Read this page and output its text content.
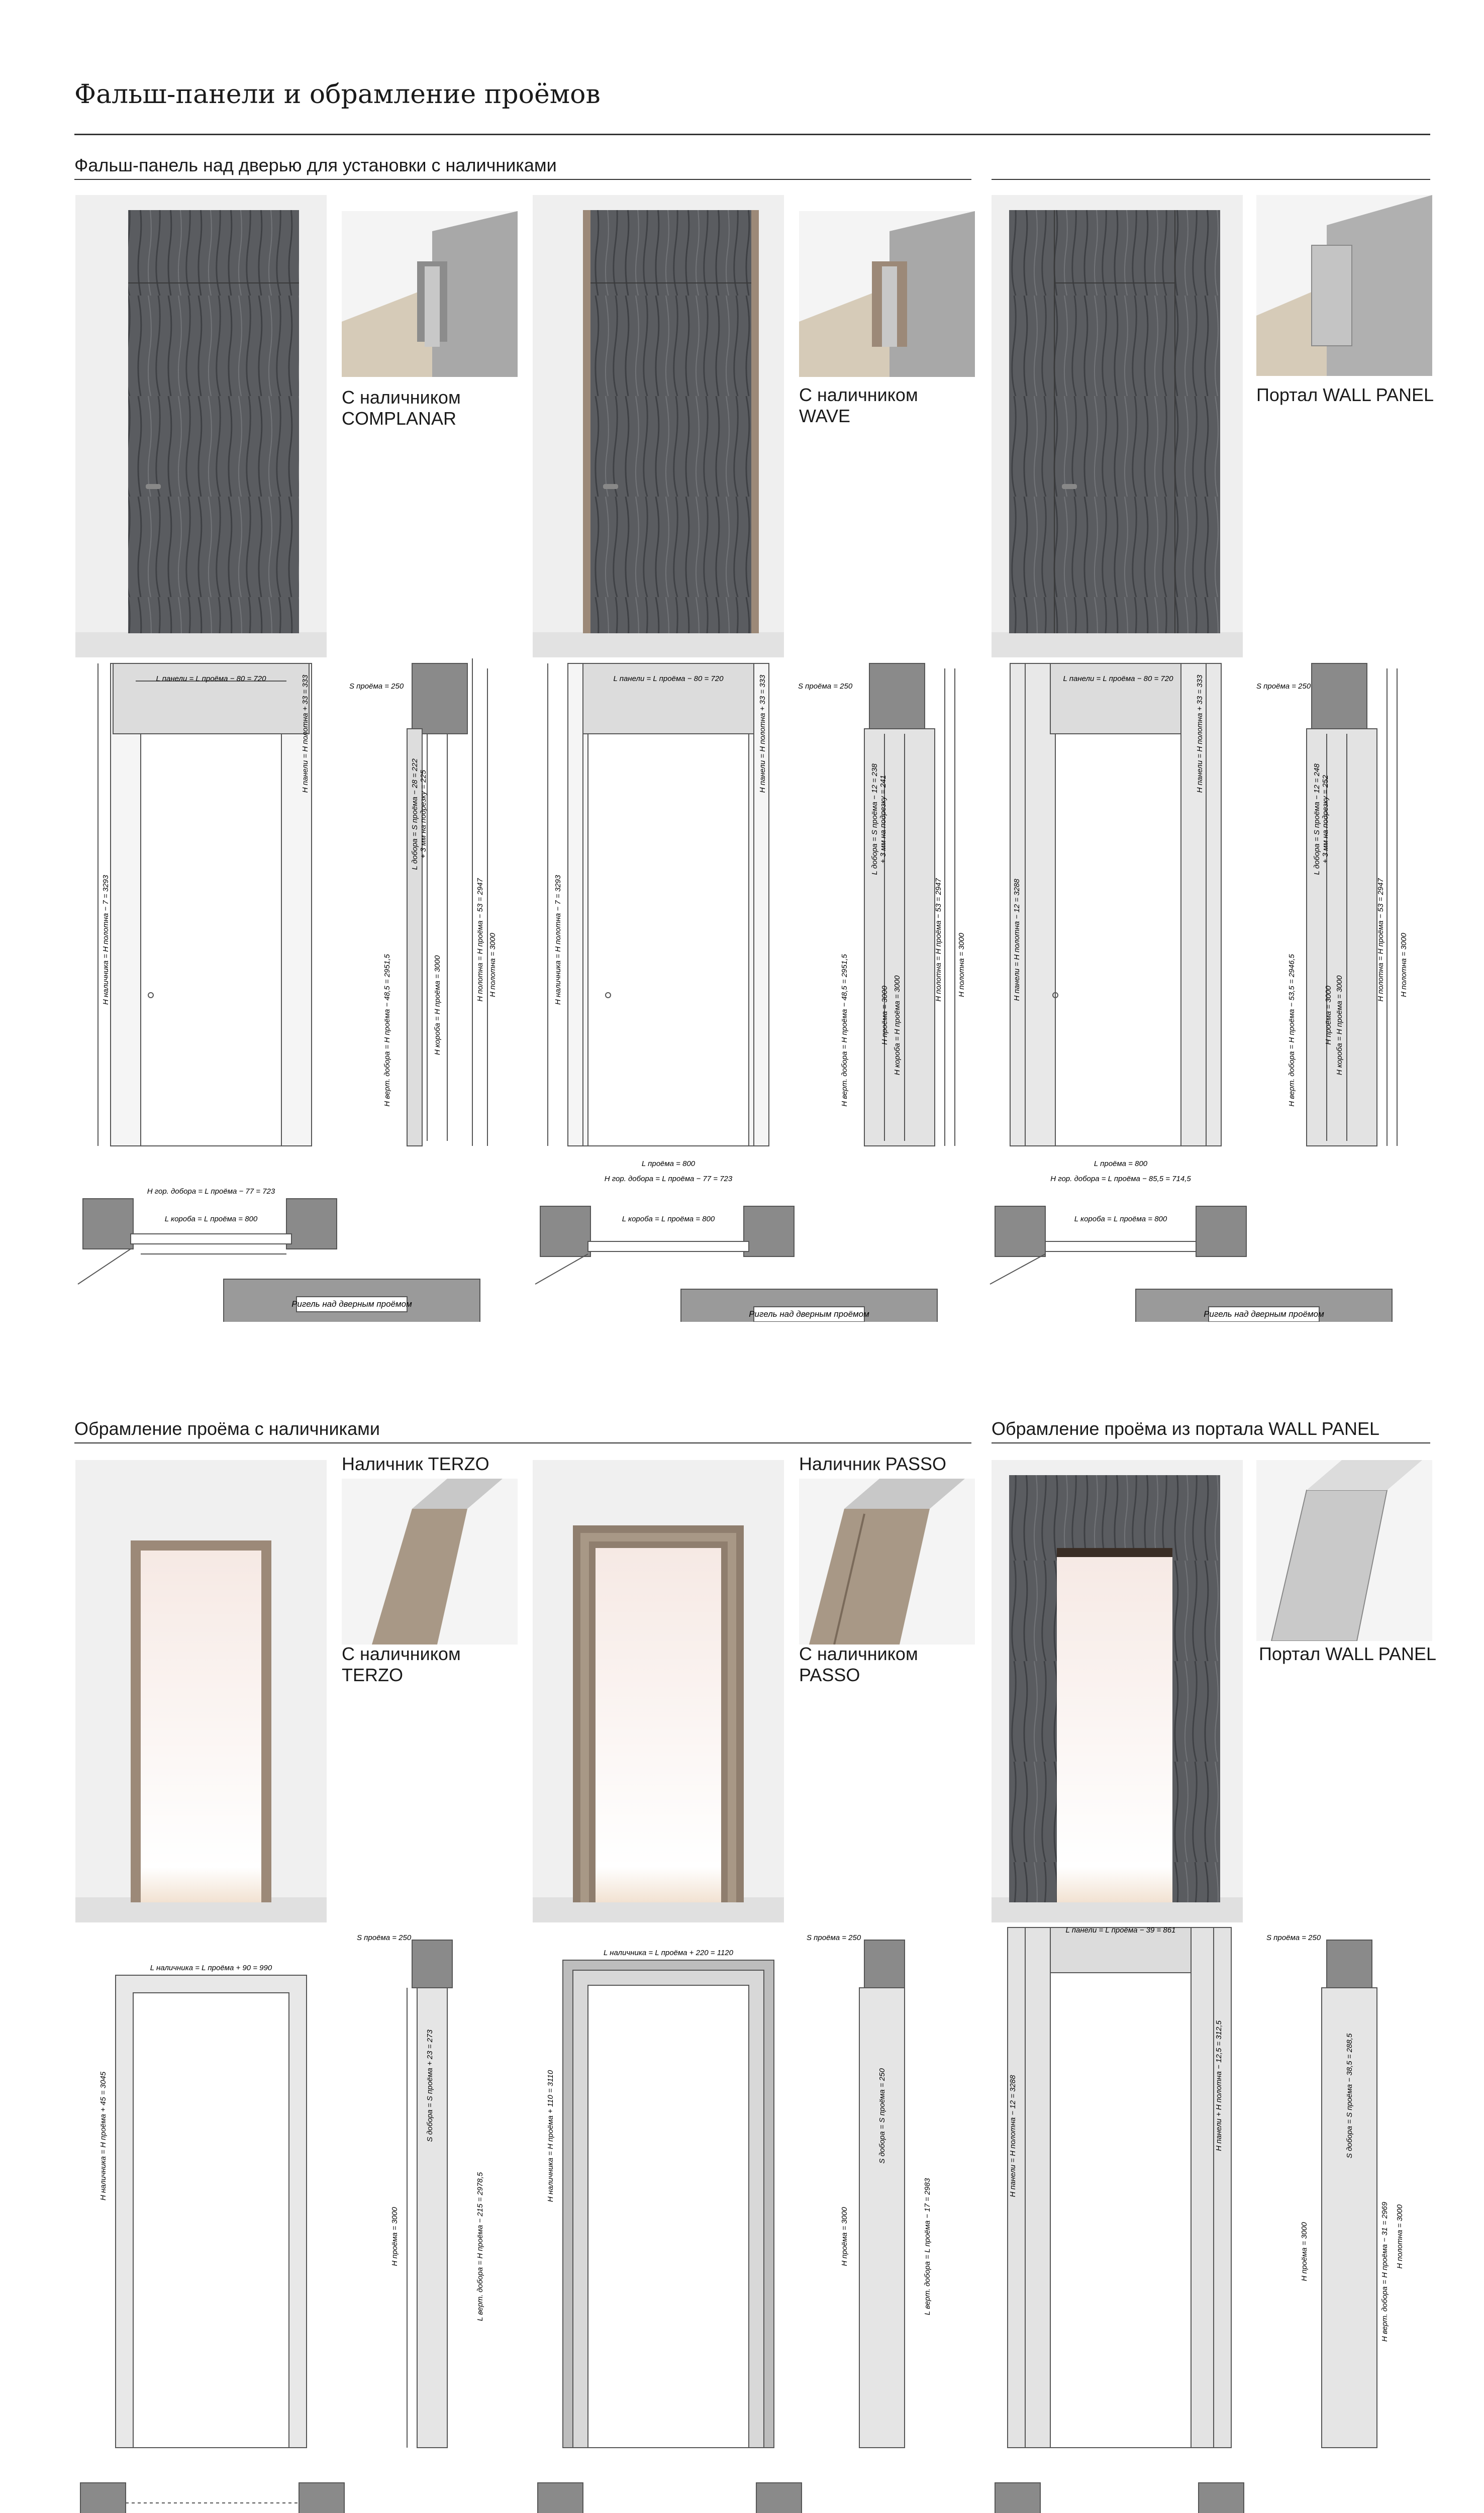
Фальш-панели и обрамление проёмов
Фальш-панель над дверью для установки с наличниками
С наличником
COMPLANAR
С наличником
WAVE
Портал WALL PANEL
L панели = L проёма − 80 = 720
H наличника = H полотна − 7 = 3293
H панели = H полотна + 33 = 333	S проёма = 250
L добора = S проёма − 28 = 222 + 3 мм на подрезку = 225
H верт. добора = H проёма − 48,5 = 2951,5	H короба = H проёма = 3000
H полотна = H проёма − 53 = 2947 H полотна = 3000
H гор. добора = L проёма − 77 = 723
L короба = L проёма = 800
Ригель над дверным проёмом
L панели = L проёма − 80 = 720
H наличника = H полотна − 7 = 3293
H панели = H полотна + 33 = 333	S проёма = 250
L добора = S проёма − 12 = 238 + 3 мм на подрезку = 241
H верт. добора = H проёма − 48,5 = 2951,5	H проёма = 3000 H короба = H проёма = 3000
H полотна = H проёма − 53 = 2947 H полотна = 3000
L проёма = 800
H гор. добора = L проёма − 77 = 723
L короба = L проёма = 800
Ригель над дверным проёмом
L панели = L проёма − 80 = 720
H панели = H полотна − 12 = 3288
H панели = H полотна + 33 = 333	S проёма = 250
L добора = S проёма − 12 = 248 + 3 мм на подрезку = 252
H верт. добора = H проёма − 53,5 = 2946,5	H проёма = 3000 H короба = H проёма = 3000
H полотна = H проёма − 53 = 2947 H полотна = 3000
L проёма = 800
H гор. добора = L проёма − 85,5 = 714,5
L короба = L проёма = 800
Ригель над дверным проёмом
Обрамление проёма с наличниками	Обрамление проёма из портала WALL PANEL
Наличник TERZO
С наличником
TERZO
Наличник PASSO
С наличником
PASSO
Портал WALL PANEL
L наличника = L проёма + 90 = 990
H наличника = H проёма + 45 = 3045
S проёма = 250
S добора = S проёма + 23 = 273
H проёма = 3000	L верт. добора = H проёма − 215 = 2978,5
L наличника = L проёма + 220 = 1120
H наличника = H проёма + 110 = 3110
S проёма = 250
S добора = S проёма = 250
H проёма = 3000	L верт. добора = L проёма − 17 = 2983
L панели = L проёма − 39 = 861
H панели = H полотна − 12 = 3288	H панели + H полотна − 12,5 = 312,5
S проёма = 250
S добора = S проёма − 38,5 = 288,5
H проёма = 3000	H верт. добора = H проёма − 31 = 2969 H полотна = 3000
